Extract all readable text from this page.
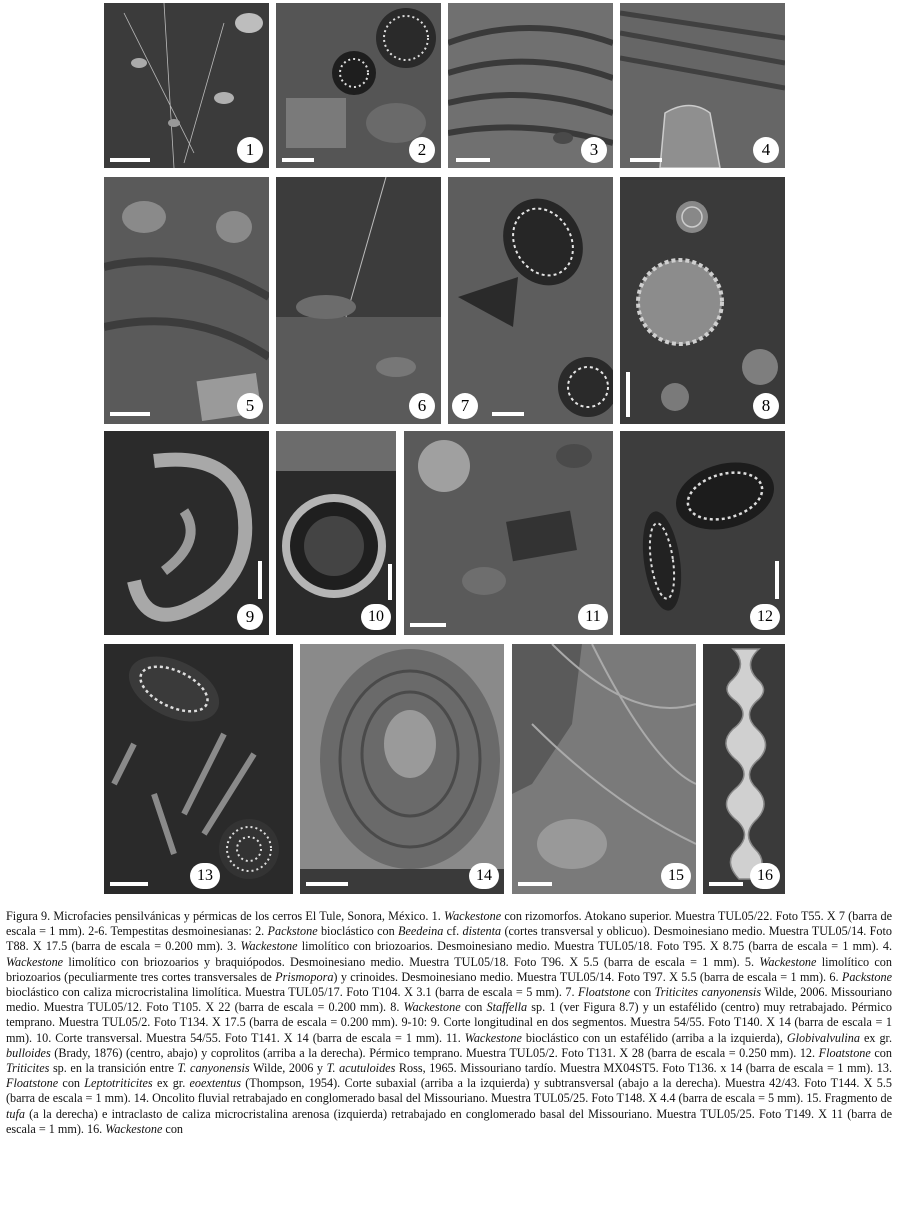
1	2	3	4
5	6	7	8
9	10	11	12
13	14	15	16
Figura 9. Microfacies pensilvánicas y pérmicas de los cerros El Tule, Sonora, México. 1. Wackestone con rizomorfos. Atokano superior. Muestra TUL05/22. Foto T55. X 7 (barra de escala = 1 mm). 2-6. Tempestitas desmoinesianas: 2. Packstone bioclástico con Beedeina cf. distenta (cortes transversal y oblicuo). Desmoinesiano medio. Muestra TUL05/14. Foto T88. X 17.5 (barra de escala = 0.200 mm). 3. Wackestone limolítico con briozoarios. Desmoinesiano medio. Muestra TUL05/18. Foto T95. X 8.75 (barra de escala = 1 mm). 4. Wackestone limolítico con briozoarios y braquiópodos. Desmoinesiano medio. Muestra TUL05/18. Foto T96. X 5.5 (barra de escala = 1 mm). 5. Wackestone limolítico con briozoarios (peculiarmente tres cortes transversales de Prismopora) y crinoides. Desmoinesiano medio. Muestra TUL05/14. Foto T97. X 5.5 (barra de escala = 1 mm). 6. Packstone bioclástico con caliza microcristalina limolítica. Muestra TUL05/17. Foto T104. X 3.1 (barra de escala = 5 mm). 7. Floatstone con Triticites canyonensis Wilde, 2006. Missouriano medio. Muestra TUL05/12. Foto T105. X 22 (barra de escala = 0.200 mm). 8. Wackestone con Staffella sp. 1 (ver Figura 8.7) y un estafélido (centro) muy retrabajado. Pérmico temprano. Muestra TUL05/2. Foto T134. X 17.5 (barra de escala = 0.200 mm). 9-10: 9. Corte longitudinal en dos segmentos. Muestra 54/55. Foto T140. X 14 (barra de escala = 1 mm). 10. Corte transversal. Muestra 54/55. Foto T141. X 14 (barra de escala = 1 mm). 11. Wackestone bioclástico con un estafélido (arriba a la izquierda), Globivalvulina ex gr. bulloides (Brady, 1876) (centro, abajo) y coprolitos (arriba a la derecha). Pérmico temprano. Muestra TUL05/2. Foto T131. X 28 (barra de escala = 0.250 mm). 12. Floatstone con Triticites sp. en la transición entre T. canyonensis Wilde, 2006 y T. acutuloides Ross, 1965. Missouriano tardío. Muestra MX04ST5. Foto T136. x 14 (barra de escala = 1 mm). 13. Floatstone con Leptotriticites ex gr. eoextentus (Thompson, 1954). Corte subaxial (arriba a la izquierda) y subtransversal (abajo a la derecha). Muestra 42/43. Foto T144. X 5.5 (barra de escala = 1 mm). 14. Oncolito fluvial retrabajado en conglomerado basal del Missouriano. Muestra TUL05/25. Foto T148. X 4.4 (barra de escala = 5 mm). 15. Fragmento de tufa (a la derecha) e intraclasto de caliza microcristalina arenosa (izquierda) retrabajado en conglomerado basal del Missouriano. Muestra TUL05/25. Foto T149. X 11 (barra de escala = 1 mm). 16. Wackestone con
